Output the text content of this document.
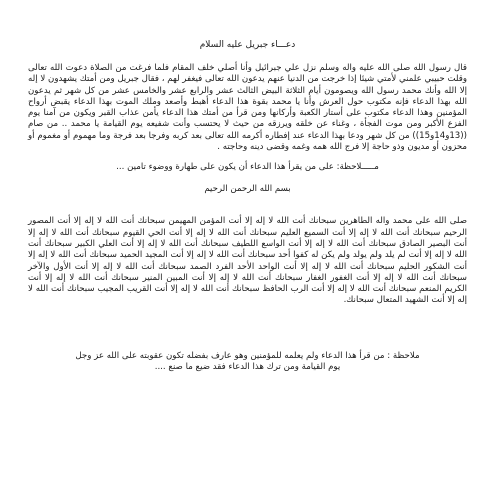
دعـــاء جبريل عليه السلام
قال رسول الله صلى الله عليه واله وسلم نزل علي جبرائيل وأنا أصلي خلف المقام فلما فرغت من الصلاة دعوت الله تعالى وقلت حبيبي علمني لأمتي شيئا إذا خرجت من الدنيا عنهم يدعون الله تعالى فيغفر لهم ، فقال جبريل ومن أمتك يشهدون لا إله إلا الله وأنك محمد رسول الله ويصومون أيام الثلاثة البيض الثالث عشر والرابع عشر والخامس عشر من كل شهر ثم يدعون الله بهذا الدعاء فإنه مكتوب حول العرش وأنا يا محمد بقوة هذا الدعاء أهبط وأصعد وملك الموت بهذا الدعاء يقبض أرواح المؤمنين وهذا الدعاء مكتوب على أستار الكعبة وأركانها ومن قرأ من أمتك هذا الدعاء يأمن عذاب القبر ويكون من آمنا يوم الفزع الأكبر ومن موت الفجأة ، وغناء عن خلقه ويرزقه من حيث لا يحتسب وأنت شفيعه يوم القيامة يا محمد .. من صام ((13و14و15)) من كل شهر ودعا بهذا الدعاء عند إفطاره أكرمه الله تعالى بعد كربه وفرجا بعد فرجة وما مهموم أو مغموم أو محزون أو مديون وذو حاجة إلا فرج الله همه وغمه وقضى دينه وحاجته .
مـــــلاحظة: على من يقرأ هذا الدعاء أن يكون على طهارة ووضوء تامين ...
بسم الله الرحمن الرحيم
صلى الله على محمد واله الطاهرين سبحانك أنت الله لا إله إلا أنت المؤمن المهيمن سبحانك أنت الله لا إله إلا أنت المصور الرحيم سبحانك أنت الله لا إله إلا أنت السميع العليم سبحانك أنت الله لا إله إلا أنت الحي القيوم سبحانك أنت الله لا إله إلا أنت البصير الصادق سبحانك أنت الله لا إله إلا أنت الواسع اللطيف سبحانك أنت الله لا إله إلا أنت العلي الكبير سبحانك أنت الله لا إله إلا أنت لم يلد ولم يولد ولم يكن له كفوا أحد سبحانك أنت الله لا إله إلا أنت المجيد الحميد سبحانك أنت الله لا إله إلا أنت الشكور الحليم سبحانك أنت الله لا إله إلا أنت الواحد الأحد الفرد الصمد سبحانك أنت الله لا إله إلا أنت الأول والآخر سبحانك أنت الله لا إله إلا أنت الغفور الغفار سبحانك أنت الله لا إله إلا أنت المبين المنير سبحانك أنت الله لا إله إلا أنت الكريم المنعم سبحانك أنت الله لا إله إلا أنت الرب الحافظ سبحانك أنت الله لا إله إلا أنت القريب المجيب سبحانك أنت الله لا إله إلا أنت الشهيد المتعال سبحانك.
ملاحظة : من قرأ هذا الدعاء ولم يعلمه للمؤمنين وهو عارف بفضله تكون عقوبته على الله عز وجل يوم القيامة ومن ترك هذا الدعاء فقد ضيع ما صنع ....
